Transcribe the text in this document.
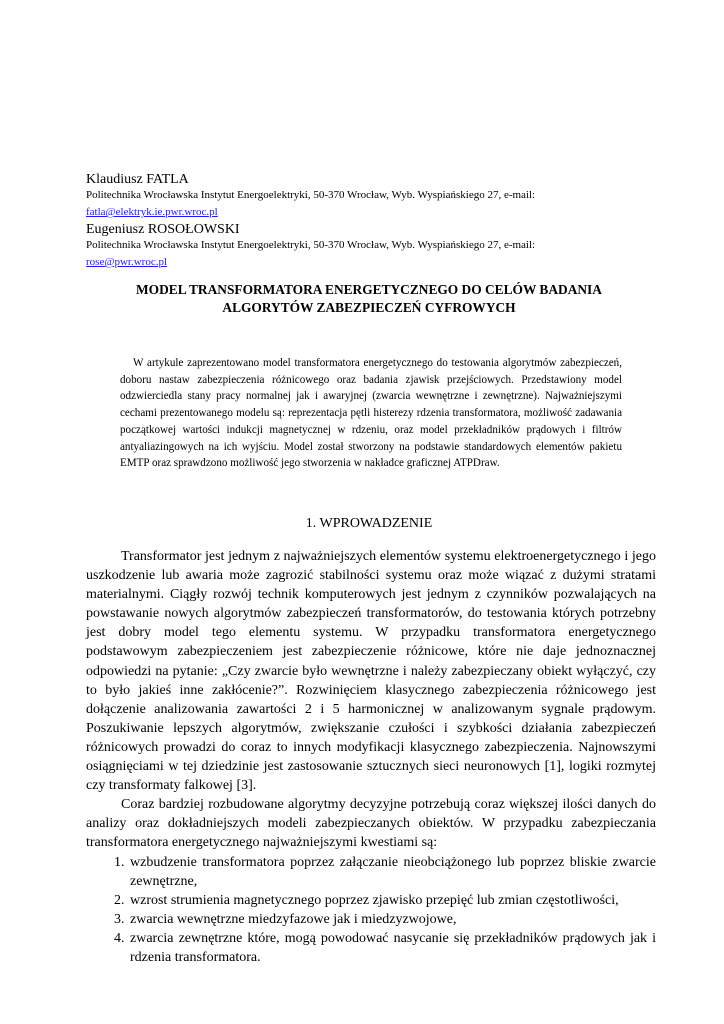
Klaudiusz FATLA
Politechnika Wrocławska Instytut Energoelektryki, 50-370 Wrocław, Wyb. Wyspiańskiego 27, e-mail:
fatla@elektryk.ie.pwr.wroc.pl
Eugeniusz ROSOŁOWSKI
Politechnika Wrocławska Instytut Energoelektryki, 50-370 Wrocław, Wyb. Wyspiańskiego 27, e-mail:
rose@pwr.wroc.pl
MODEL TRANSFORMATORA ENERGETYCZNEGO DO CELÓW BADANIA
ALGORYTÓW ZABEZPIECZEŃ CYFROWYCH

W artykule zaprezentowano model transformatora energetycznego do testowania algorytmów zabezpieczeń, doboru nastaw zabezpieczenia różnicowego oraz badania zjawisk przejściowych. Przedstawiony model odzwierciedla stany pracy normalnej jak i awaryjnej (zwarcia wewnętrzne i zewnętrzne). Najważniejszymi cechami prezentowanego modelu są: reprezentacja pętli histerezy rdzenia transformatora, możliwość zadawania początkowej wartości indukcji magnetycznej w rdzeniu, oraz model przekładników prądowych i filtrów antyaliazingowych na ich wyjściu. Model został stworzony na podstawie standardowych elementów pakietu EMTP oraz sprawdzono możliwość jego stworzenia w nakładce graficznej ATPDraw.

1. WPROWADZENIE

Transformator jest jednym z najważniejszych elementów systemu elektroenergetycznego i jego uszkodzenie lub awaria może zagrozić stabilności systemu oraz może wiązać z dużymi stratami materialnymi. Ciągły rozwój technik komputerowych jest jednym z czynników pozwalających na powstawanie nowych algorytmów zabezpieczeń transformatorów, do testowania których potrzebny jest dobry model tego elementu systemu. W przypadku transformatora energetycznego podstawowym zabezpieczeniem jest zabezpieczenie różnicowe, które nie daje jednoznacznej odpowiedzi na pytanie: „Czy zwarcie było wewnętrzne i należy zabezpieczany obiekt wyłączyć, czy to było jakieś inne zakłócenie?”. Rozwinięciem klasycznego zabezpieczenia różnicowego jest dołączenie analizowania zawartości 2 i 5 harmonicznej w analizowanym sygnale prądowym. Poszukiwanie lepszych algorytmów, zwiększanie czułości i szybkości działania zabezpieczeń różnicowych prowadzi do coraz to innych modyfikacji klasycznego zabezpieczenia. Najnowszymi osiągnięciami w tej dziedzinie jest zastosowanie sztucznych sieci neuronowych [1], logiki rozmytej czy transformaty falkowej [3].

Coraz bardziej rozbudowane algorytmy decyzyjne potrzebują coraz większej ilości danych do analizy oraz dokładniejszych modeli zabezpieczanych obiektów. W przypadku zabezpieczania transformatora energetycznego najważniejszymi kwestiami są:

1. wzbudzenie transformatora poprzez załączanie nieobciążonego lub poprzez bliskie zwarcie zewnętrzne,
2. wzrost strumienia magnetycznego poprzez zjawisko przepięć lub zmian częstotliwości,
3. zwarcia wewnętrzne miedzyfazowe jak i miedzyzwojowe,
4. zwarcia zewnętrzne które, mogą powodować nasycanie się przekładników prądowych jak i rdzenia transformatora.
